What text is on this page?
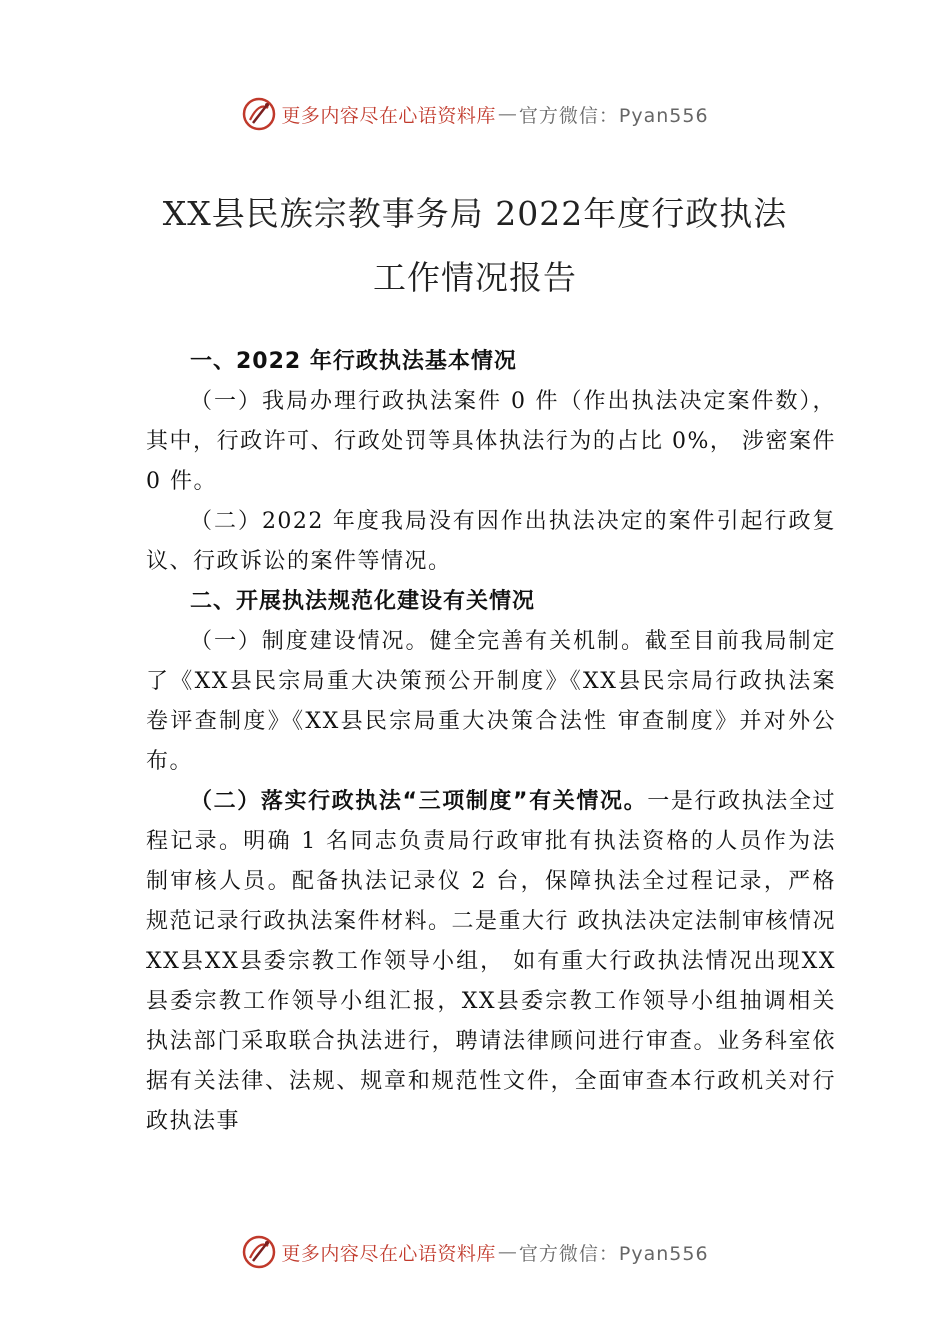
更多内容尽在心语资料库 — 官方微信：Pyan556
XX县民族宗教事务局 2022年度行政执法
工作情况报告
一、2022 年行政执法基本情况

（一）我局办理行政执法案件 0 件（作出执法决定案件数），其中，行政许可、行政处罚等具体执法行为的占比 0%， 涉密案件 0 件。

（二）2022 年度我局没有因作出执法决定的案件引起行政复议、行政诉讼的案件等情况。

二、开展执法规范化建设有关情况

（一）制度建设情况。健全完善有关机制。截至目前我局制定了《XX县民宗局重大决策预公开制度》《XX县民宗局行政执法案卷评查制度》《XX县民宗局重大决策合法性 审查制度》并对外公布。

（二）落实行政执法“三项制度”有关情况。一是行政执法全过程记录。明确 1 名同志负责局行政审批有执法资格的人员作为法制审核人员。配备执法记录仪 2 台，保障执法全过程记录，严格规范记录行政执法案件材料。二是重大行 政执法决定法制审核情况 XX县XX县委宗教工作领导小组， 如有重大行政执法情况出现XX县委宗教工作领导小组汇报，XX县委宗教工作领导小组抽调相关执法部门采取联合执法进行，聘请法律顾问进行审查。业务科室依据有关法律、法规、规章和规范性文件，全面审查本行政机关对行政执法事

更多内容尽在心语资料库 — 官方微信：Pyan556
